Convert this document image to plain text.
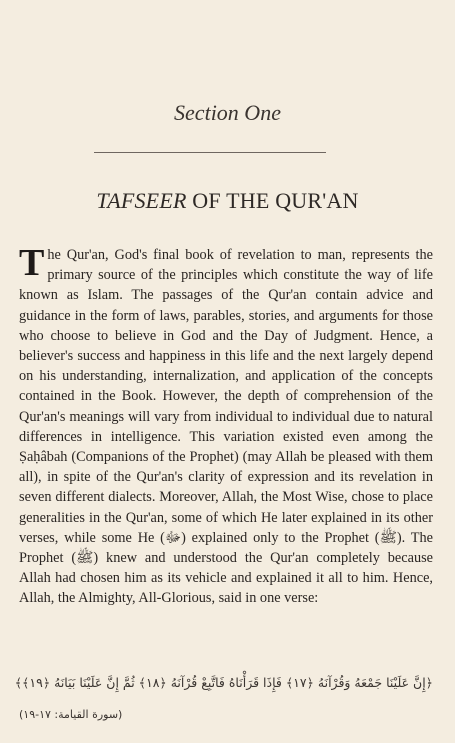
Section One
TAFSEER OF THE QUR'AN

The Qur'an, God's final book of revelation to man, represents the primary source of the principles which constitute the way of life known as Islam. The passages of the Qur'an contain advice and guidance in the form of laws, parables, stories, and arguments for those who choose to believe in God and the Day of Judgment. Hence, a believer's success and happiness in this life and the next largely depend on his understanding, internalization, and application of the concepts contained in the Book. However, the depth of comprehension of the Qur'an's meanings will vary from individual to individual due to natural differences in intelligence. This variation existed even among the Ṣaḥâbah (Companions of the Prophet) (may Allah be pleased with them all), in spite of the Qur'an's clarity of expression and its revelation in seven different dialects. Moreover, Allah, the Most Wise, chose to place generalities in the Qur'an, some of which He later explained in its other verses, while some He (ﷻ) explained only to the Prophet (ﷺ). The Prophet (ﷺ) knew and understood the Qur'an completely because Allah had chosen him as its vehicle and explained it all to him. Hence, Allah, the Almighty, All-Glorious, said in one verse:

﴿إِنَّ عَلَيْنَا جَمْعَهُ وَقُرْآنَهُ ﴿١٧﴾ فَإِذَا قَرَأْنَاهُ فَاتَّبِعْ قُرْآنَهُ ﴿١٨﴾ ثُمَّ إِنَّ عَلَيْنَا بَيَانَهُ ﴿١٩﴾﴾
(سورة القيامة: ١٧-١٩)
